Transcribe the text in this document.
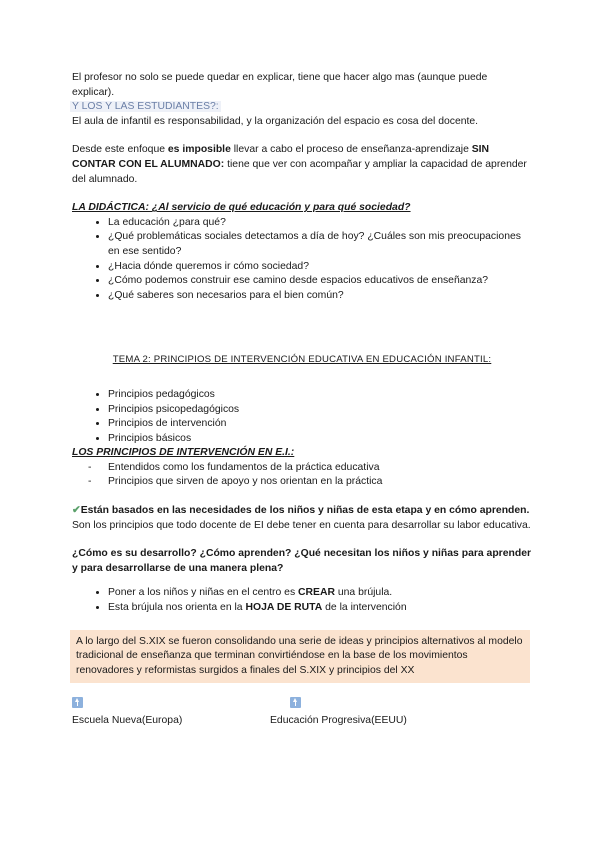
El profesor no solo se puede quedar en explicar, tiene que hacer algo mas (aunque puede explicar).

Y LOS Y LAS ESTUDIANTES?:

El aula de infantil es responsabilidad, y la organización del espacio es cosa del docente.

Desde este enfoque es imposible llevar a cabo el proceso de enseñanza-aprendizaje SIN CONTAR CON EL ALUMNADO: tiene que ver con acompañar y ampliar la capacidad de aprender del alumnado.

LA DIDÁCTICA: ¿Al servicio de qué educación y para qué sociedad?

• La educación ¿para qué?
• ¿Qué problemáticas sociales detectamos a día de hoy? ¿Cuáles son mis preocupaciones en ese sentido?
• ¿Hacia dónde queremos ir cómo sociedad?
• ¿Cómo podemos construir ese camino desde espacios educativos de enseñanza?
• ¿Qué saberes son necesarios para el bien común?

TEMA 2: PRINCIPIOS DE INTERVENCIÓN EDUCATIVA EN EDUCACIÓN INFANTIL:

• Principios pedagógicos
• Principios psicopedagógicos
• Principios de intervención
• Principios básicos

LOS PRINCIPIOS DE INTERVENCIÓN EN E.I.:

- Entendidos como los fundamentos de la práctica educativa
- Principios que sirven de apoyo y nos orientan en la práctica

✔Están basados en las necesidades de los niños y niñas de esta etapa y en cómo aprenden.

Son los principios que todo docente de EI debe tener en cuenta para desarrollar su labor educativa.

¿Cómo es su desarrollo? ¿Cómo aprenden? ¿Qué necesitan los niños y niñas para aprender y para desarrollarse de una manera plena?

• Poner a los niños y niñas en el centro es CREAR una brújula.
• Esta brújula nos orienta en la HOJA DE RUTA de la intervención

A lo largo del S.XIX se fueron consolidando una serie de ideas y principios alternativos al modelo tradicional de enseñanza que terminan convirtiéndose en la base de los movimientos renovadores y reformistas surgidos a finales del S.XIX y principios del XX

Escuela Nueva(Europa)	Educación Progresiva(EEUU)
